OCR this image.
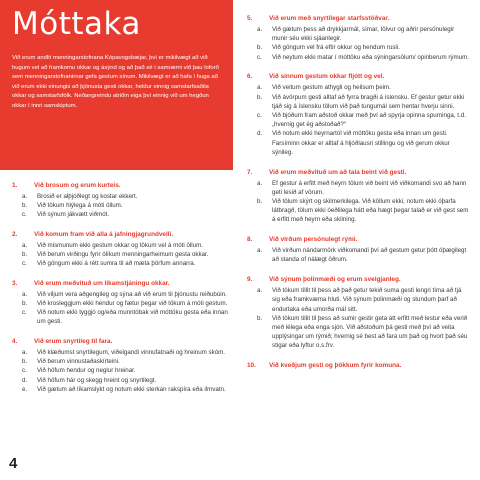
Móttaka

Við erum andlit menningarstofnana Kópavogsbæjar, því er mikilvægt að við hugum vel að framkomu okkar og ásýnd og að það sé í samræmi við þau loforð sem menningarstofnanirnar gefa gestum sínum. Mikilvægt er að hafa í huga að við erum ekki einungis að þjónusta gesti okkar, heldur einnig samstarfsaðila okkar og samstarfsfólk. Neðangreindu atriðin eiga því einnig við um hegðun okkar í innri samskiptum.

1.	Við brosum og erum kurteis.
a.	Brosið er alþjóðlegt og kostar ekkert.
b.	Við tökum hlýlega á móti öllum.
c.	Við sýnum jákvætt viðmót.
2.	Við komum fram við alla á jafningjagrundvelli.
a.	Við mismunum ekki gestum okkar og tökum vel á móti öllum.
b.	Við berum virðingu fyrir ólíkum menningarheimum gesta okkar.
c.	Við göngum ekki á rétt sumra til að mæta þörfum annarra.
3.	Við erum meðvituð um líkamstjáningu okkar.
a.	Við viljum vera aðgengileg og sýna að við erum til þjónustu reiðubúin.
b.	Við krosleggjum ekki hendur og fætur þegar við tökum á móti gestum.
c.	Við notum ekki tyggjó og/eða munntóbak við móttöku gesta eða innan um gesti.
4.	Við erum snyrtileg til fara.
a.	Við klæðumst snyrtilegum, viðeigandi vinnufatnaði og hreinum skóm.
b.	Við berum vinnustaðaskírteini.
c.	Við höfum hendur og neglur hreinar.
d.	Við höfum hár og skegg hreint og snyrtilegt.
e.	Við gætum að líkamslykt og notum ekki sterkan rakspíra eða ilmvatn.
5.	Við erum með snyrtilegar starfsstöðvar.
a.	Við gætum þess að drykkjarmál, símar, tölvur og aðrir persónulegir munir séu ekki sjáanlegir.
b.	Við göngum vel frá eftir okkur og hendum rusli.
c.	Við neytum ekki matar í móttöku eða sýningarsölum/ opinberum rýmum.
6.	Við sinnum gestum okkar fljótt og vel.
a.	Við veitum gestum athygli og heilsum þeim.
b.	Við ávörpum gesti alltaf að fyrra bragði á íslensku. Ef gestur getur ekki tjáð sig á íslensku tölum við það tungumál sem hentar hverju sinni.
c.	Við bjóðum fram aðstoð okkar með því að spyrja opinna spurninga, t.d. „hvernig get ég aðstoðað?“
d.	Við notum ekki heyrnartól við móttöku gesta eða innan um gesti. Farsíminn okkar er alltaf á hljóðlausri stillingu og við gerum okkur sýnileg.
7.	Við erum meðvituð um að tala beint við gesti.
a.	Ef gestur á erfitt með heyrn tölum við beint við viðkomandi svo að hann geti lesið af vörum.
b.	Við tölum skýrt og skilmerkilega. Við köllum ekki, notum ekki óþarfa látbragð, tölum ekki óeðlilega hátt eða hægt þegar talað er við gest sem á erfitt með heyrn eða skilning.
8.	Við virðum persónulegt rými.
a.	Við virðum nándarmörk viðkomandi því að gestum getur þótt óþægilegt að standa of nálægt öðrum.
9.	Við sýnum þolinmæði og erum sveigjanleg.
a.	Við tökum tillit til þess að það getur tekið suma gesti lengri tíma að tjá sig eða framkvæma hluti. Við sýnum þolinmæði og stundum þarf að endurtaka eða umorða mál sitt.
b.	Við tökum tillit til þess að sumir gestir geta átt erfitt með lestur eða verið með lélega eða enga sjón. Við aðstoðum þá gesti með því að veita upplýsingar um rýmið; hvernig sé best að fara um það og hvort það séu stigar eða lyftur o.s.frv.
10.	Við kveðjum gesti og þökkum fyrir komuna.
4
